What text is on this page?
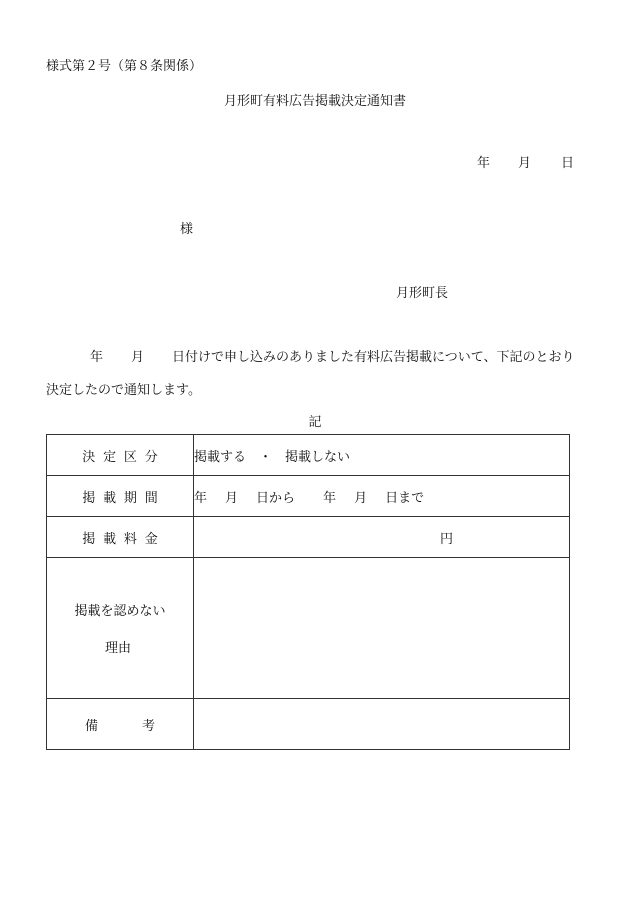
様式第２号（第８条関係）
月形町有料広告掲載決定通知書
年 月 日
様
月形町長
年 月 日付けで申し込みのありました有料広告掲載について、下記のとおり
決定したので通知します。
記
決定区分	掲載する　・　掲載しない
掲載期間	年 月 日から 年 月 日まで
掲載料金	円

掲載を認めない
理由	

備 考	
